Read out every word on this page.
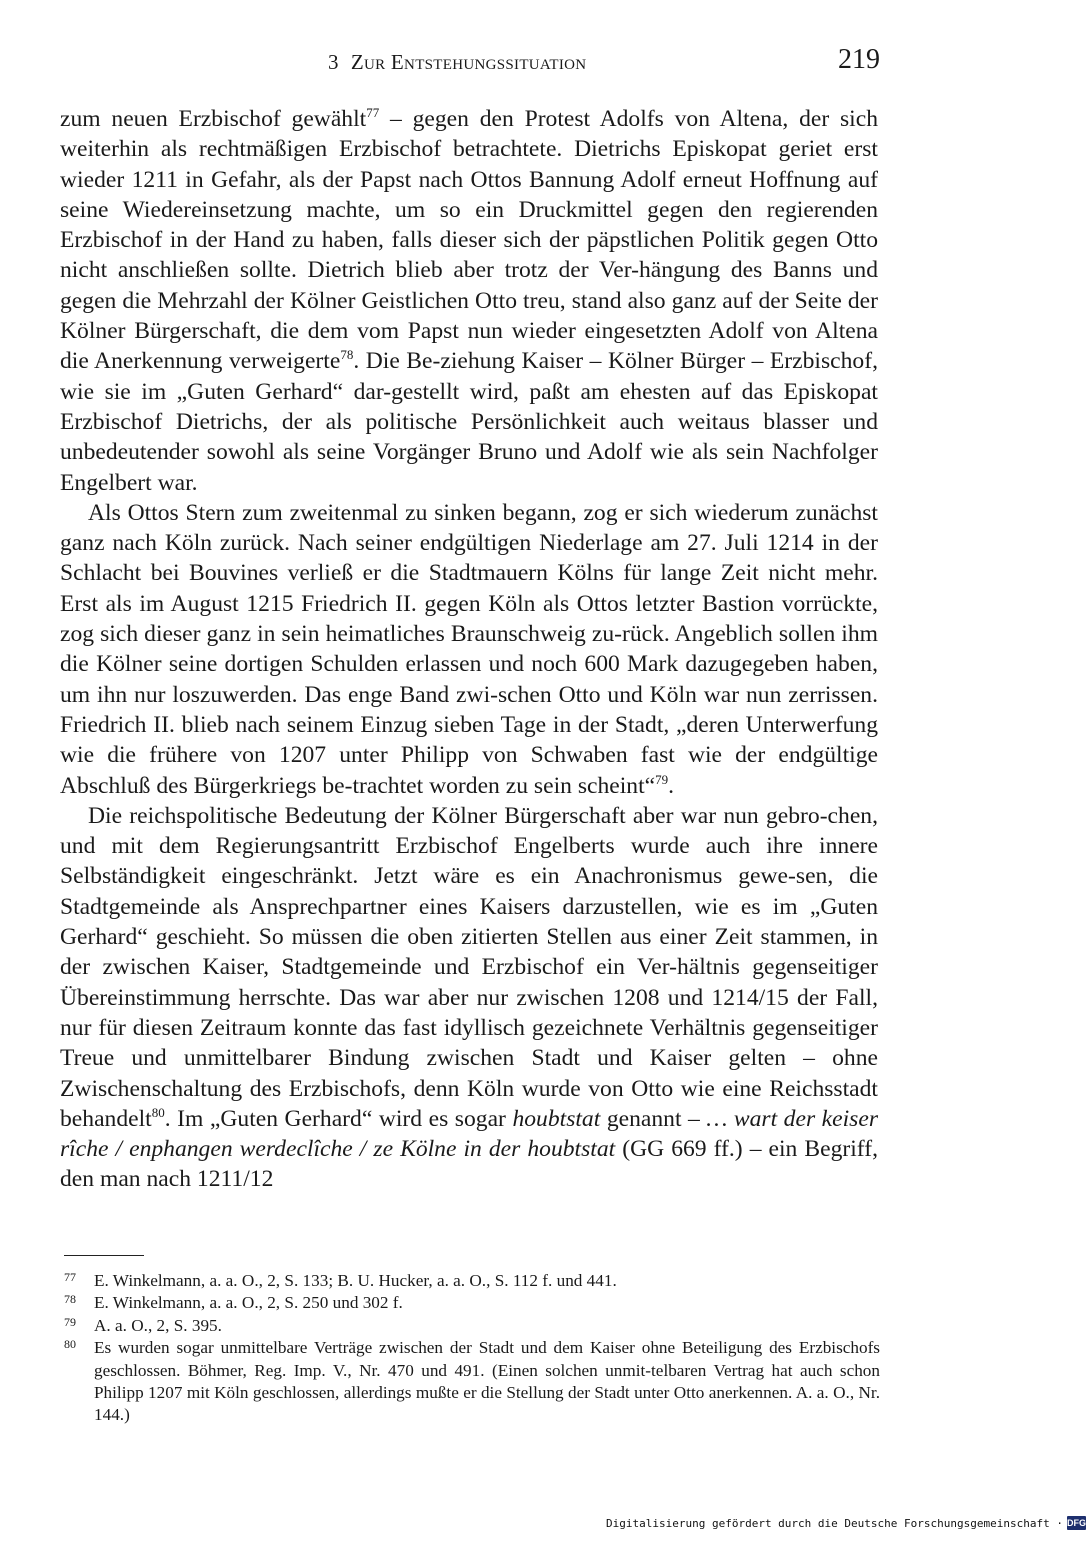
3 Zur Entstehungssituation	219

zum neuen Erzbischof gewählt$^{77}$ – gegen den Protest Adolfs von Altena, der sich weiterhin als rechtmäßigen Erzbischof betrachtete. Dietrichs Episkopat geriet erst wieder 1211 in Gefahr, als der Papst nach Ottos Bannung Adolf erneut Hoffnung auf seine Wiedereinsetzung machte, um so ein Druckmittel gegen den regierenden Erzbischof in der Hand zu haben, falls dieser sich der päpstlichen Politik gegen Otto nicht anschließen sollte. Dietrich blieb aber trotz der Ver-hängung des Banns und gegen die Mehrzahl der Kölner Geistlichen Otto treu, stand also ganz auf der Seite der Kölner Bürgerschaft, die dem vom Papst nun wieder eingesetzten Adolf von Altena die Anerkennung verweigerte$^{78}$. Die Be-ziehung Kaiser – Kölner Bürger – Erzbischof, wie sie im „Guten Gerhard“ dar-gestellt wird, paßt am ehesten auf das Episkopat Erzbischof Dietrichs, der als politische Persönlichkeit auch weitaus blasser und unbedeutender sowohl als seine Vorgänger Bruno und Adolf wie als sein Nachfolger Engelbert war.

Als Ottos Stern zum zweitenmal zu sinken begann, zog er sich wiederum zunächst ganz nach Köln zurück. Nach seiner endgültigen Niederlage am 27. Juli 1214 in der Schlacht bei Bouvines verließ er die Stadtmauern Kölns für lange Zeit nicht mehr. Erst als im August 1215 Friedrich II. gegen Köln als Ottos letzter Bastion vorrückte, zog sich dieser ganz in sein heimatliches Braunschweig zu-rück. Angeblich sollen ihm die Kölner seine dortigen Schulden erlassen und noch 600 Mark dazugegeben haben, um ihn nur loszuwerden. Das enge Band zwi-schen Otto und Köln war nun zerrissen. Friedrich II. blieb nach seinem Einzug sieben Tage in der Stadt, „deren Unterwerfung wie die frühere von 1207 unter Philipp von Schwaben fast wie der endgültige Abschluß des Bürgerkriegs be-trachtet worden zu sein scheint“$^{79}$.

Die reichspolitische Bedeutung der Kölner Bürgerschaft aber war nun gebro-chen, und mit dem Regierungsantritt Erzbischof Engelberts wurde auch ihre innere Selbständigkeit eingeschränkt. Jetzt wäre es ein Anachronismus gewe-sen, die Stadtgemeinde als Ansprechpartner eines Kaisers darzustellen, wie es im „Guten Gerhard“ geschieht. So müssen die oben zitierten Stellen aus einer Zeit stammen, in der zwischen Kaiser, Stadtgemeinde und Erzbischof ein Ver-hältnis gegenseitiger Übereinstimmung herrschte. Das war aber nur zwischen 1208 und 1214/15 der Fall, nur für diesen Zeitraum konnte das fast idyllisch gezeichnete Verhältnis gegenseitiger Treue und unmittelbarer Bindung zwischen Stadt und Kaiser gelten – ohne Zwischenschaltung des Erzbischofs, denn Köln wurde von Otto wie eine Reichsstadt behandelt$^{80}$. Im „Guten Gerhard“ wird es sogar houbtstat genannt – … wart der keiser rîche / enphangen werdeclîche / ze Kölne in der houbtstat (GG 669 ff.) – ein Begriff, den man nach 1211/12

77 E. Winkelmann, a. a. O., 2, S. 133; B. U. Hucker, a. a. O., S. 112 f. und 441.
78 E. Winkelmann, a. a. O., 2, S. 250 und 302 f.
79 A. a. O., 2, S. 395.
80 Es wurden sogar unmittelbare Verträge zwischen der Stadt und dem Kaiser ohne Beteiligung des Erzbischofs geschlossen. Böhmer, Reg. Imp. V., Nr. 470 und 491. (Einen solchen unmit-telbaren Vertrag hat auch schon Philipp 1207 mit Köln geschlossen, allerdings mußte er die Stellung der Stadt unter Otto anerkennen. A. a. O., Nr. 144.)
Digitalisierung gefördert durch die Deutsche Forschungsgemeinschaft · DFG
